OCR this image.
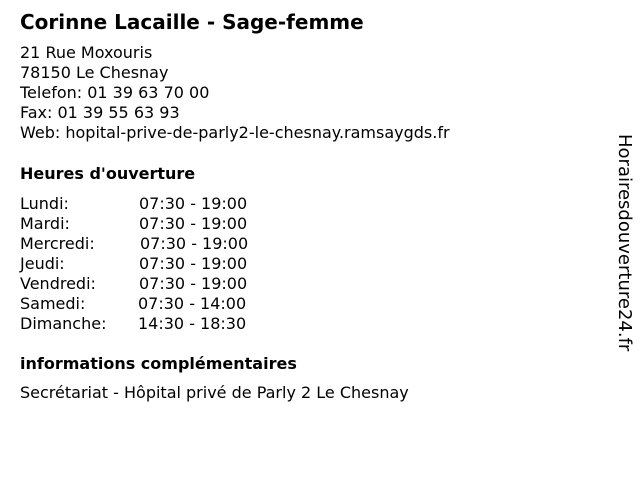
Corinne Lacaille - Sage-femme
21 Rue Moxouris
78150 Le Chesnay
Telefon: 01 39 63 70 00
Fax: 01 39 55 63 93
Web: hopital-prive-de-parly2-le-chesnay.ramsaygds.fr
Heures d'ouverture
Lundi:	07:30 - 19:00
Mardi:	07:30 - 19:00
Mercredi:	07:30 - 19:00
Jeudi:	07:30 - 19:00
Vendredi:	07:30 - 19:00
Samedi:	07:30 - 14:00
Dimanche: 14:30 - 18:30
informations complémentaires
Secrétariat - Hôpital privé de Parly 2 Le Chesnay
Horairesdouverture24.fr
